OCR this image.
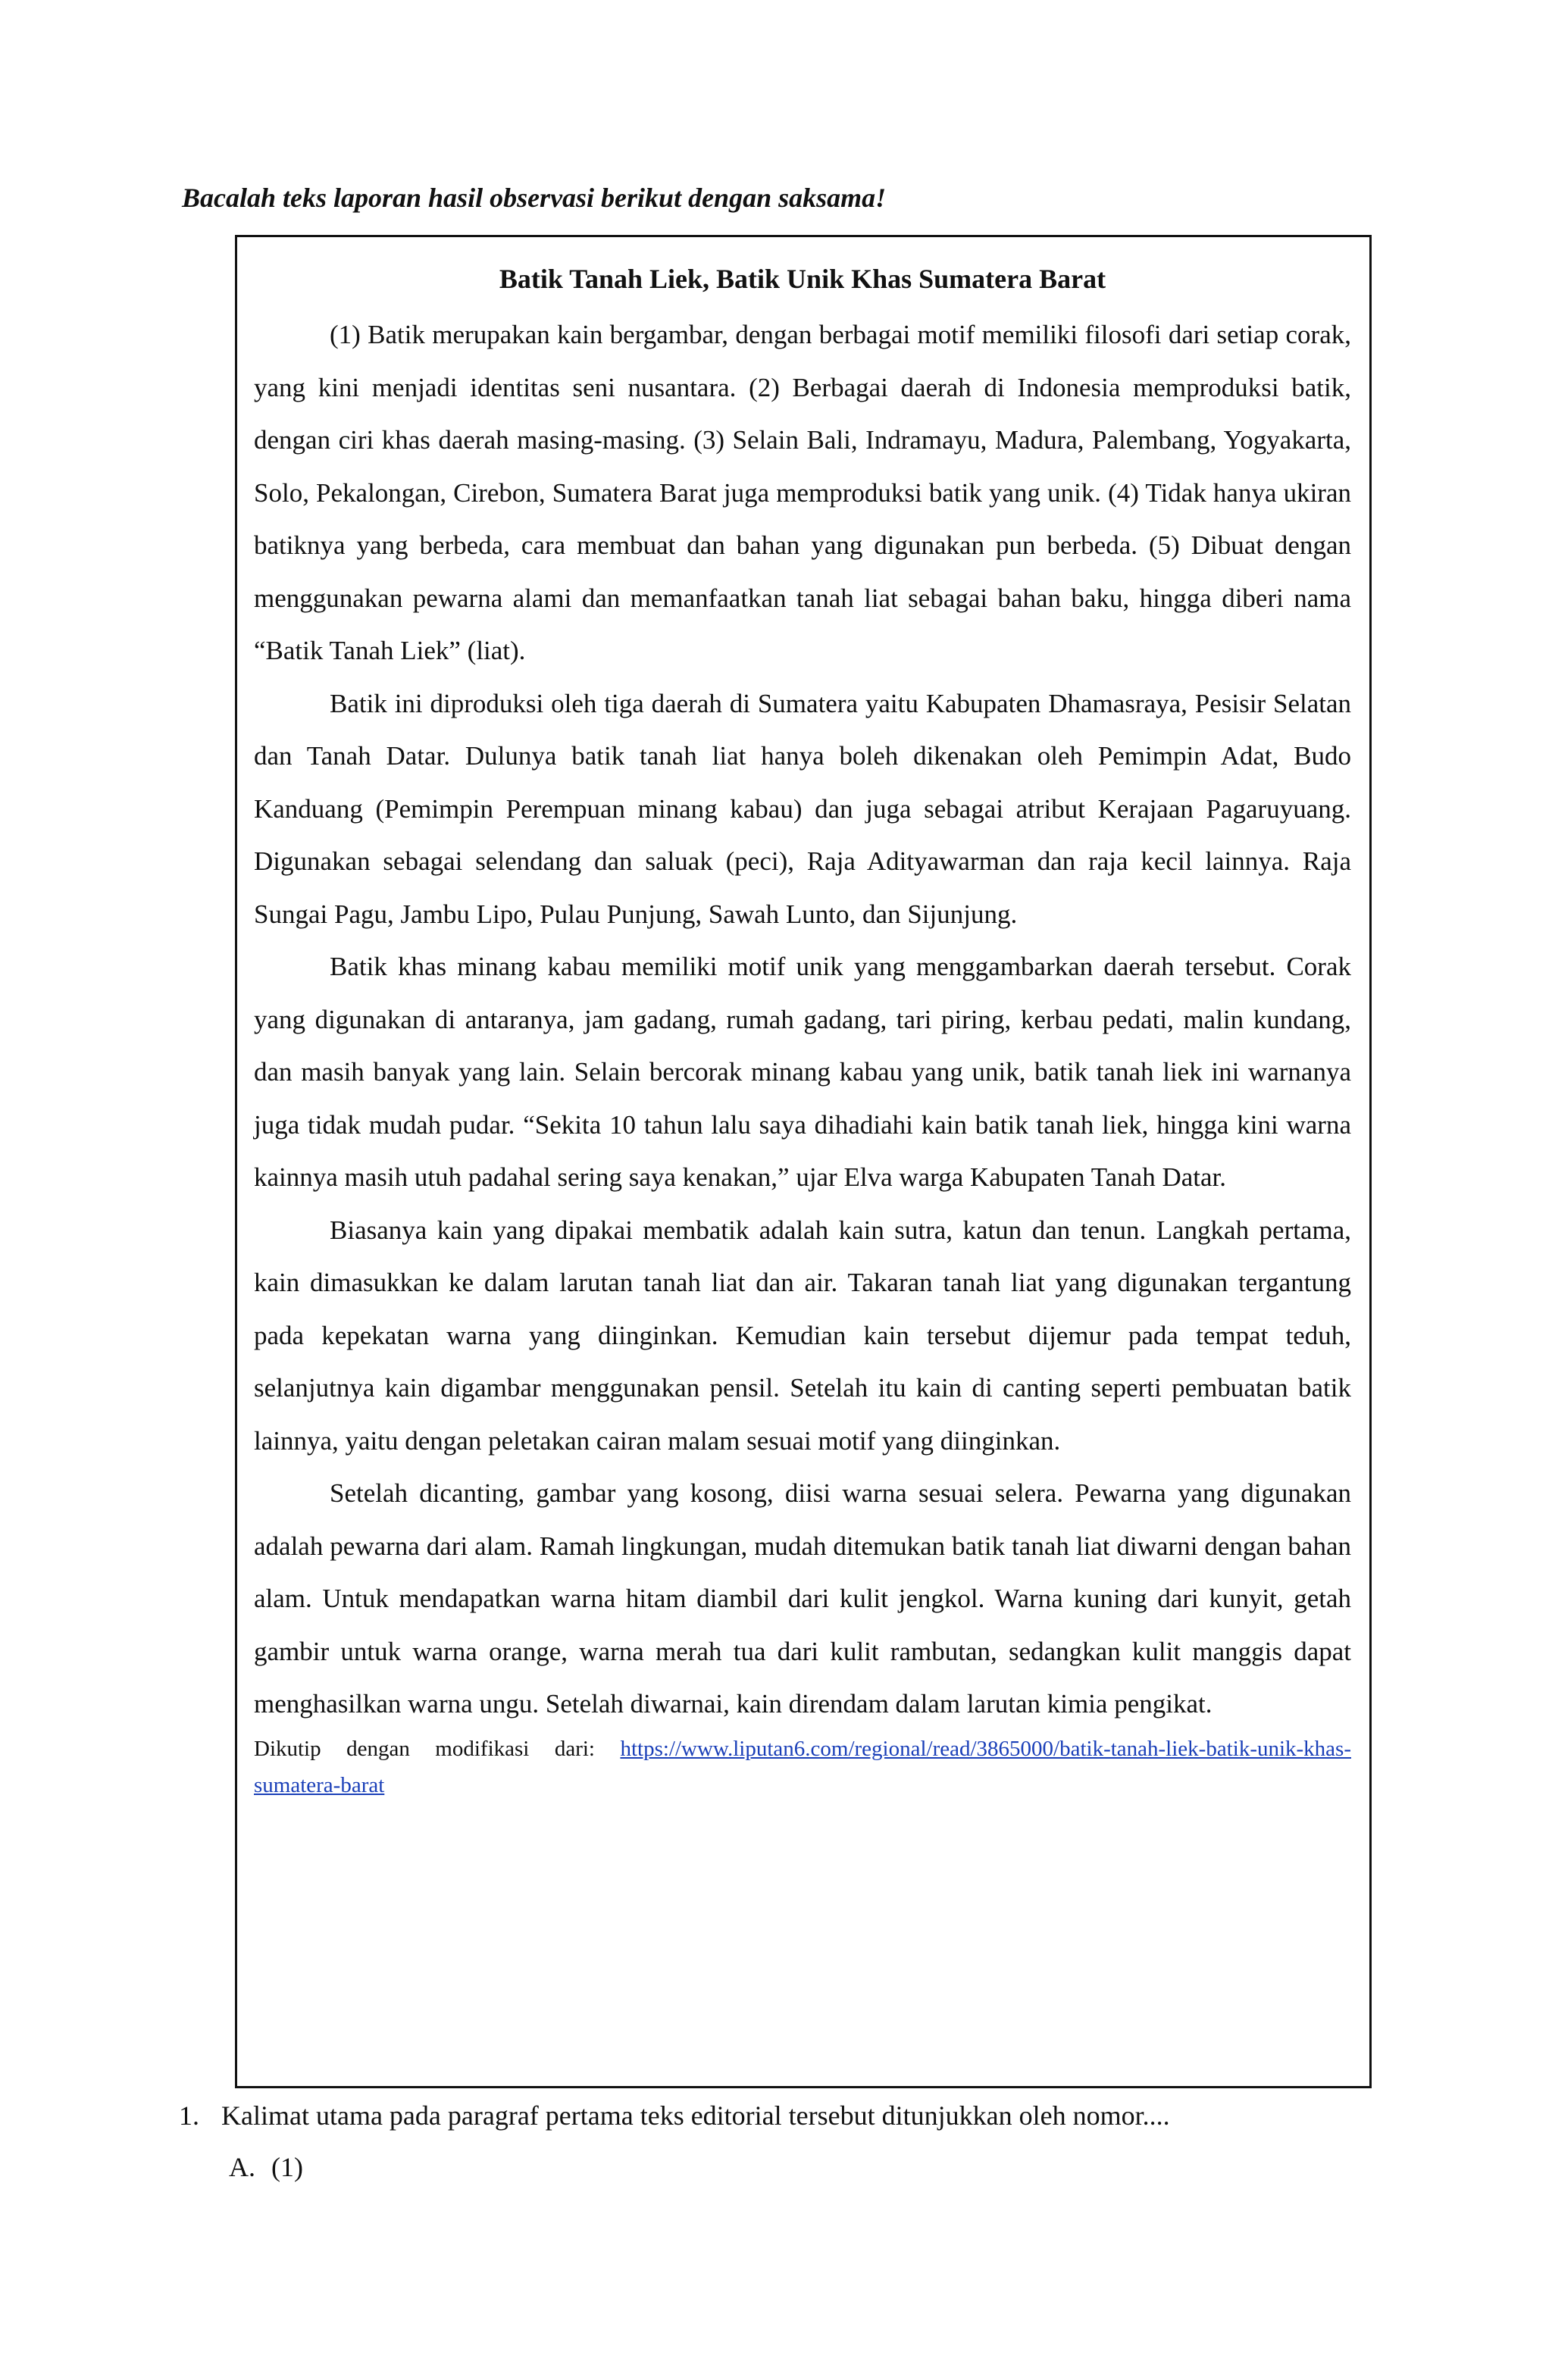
Bacalah teks laporan hasil observasi berikut dengan saksama!
Batik Tanah Liek, Batik Unik Khas Sumatera Barat

(1) Batik merupakan kain bergambar, dengan berbagai motif memiliki filosofi dari setiap corak, yang kini menjadi identitas seni nusantara. (2) Berbagai daerah di Indonesia memproduksi batik, dengan ciri khas daerah masing-masing. (3) Selain Bali, Indramayu, Madura, Palembang, Yogyakarta, Solo, Pekalongan, Cirebon, Sumatera Barat juga memproduksi batik yang unik. (4) Tidak hanya ukiran batiknya yang berbeda, cara membuat dan bahan yang digunakan pun berbeda. (5) Dibuat dengan menggunakan pewarna alami dan memanfaatkan tanah liat sebagai bahan baku, hingga diberi nama “Batik Tanah Liek” (liat).

Batik ini diproduksi oleh tiga daerah di Sumatera yaitu Kabupaten Dhamasraya, Pesisir Selatan dan Tanah Datar. Dulunya batik tanah liat hanya boleh dikenakan oleh Pemimpin Adat, Budo Kanduang (Pemimpin Perempuan minang kabau) dan juga sebagai atribut Kerajaan Pagaruyuang. Digunakan sebagai selendang dan saluak (peci), Raja Adityawarman dan raja kecil lainnya. Raja Sungai Pagu, Jambu Lipo, Pulau Punjung, Sawah Lunto, dan Sijunjung.

Batik khas minang kabau memiliki motif unik yang menggambarkan daerah tersebut. Corak yang digunakan di antaranya, jam gadang, rumah gadang, tari piring, kerbau pedati, malin kundang, dan masih banyak yang lain. Selain bercorak minang kabau yang unik, batik tanah liek ini warnanya juga tidak mudah pudar. “Sekita 10 tahun lalu saya dihadiahi kain batik tanah liek, hingga kini warna kainnya masih utuh padahal sering saya kenakan,” ujar Elva warga Kabupaten Tanah Datar.

Biasanya kain yang dipakai membatik adalah kain sutra, katun dan tenun. Langkah pertama, kain dimasukkan ke dalam larutan tanah liat dan air. Takaran tanah liat yang digunakan tergantung pada kepekatan warna yang diinginkan. Kemudian kain tersebut dijemur pada tempat teduh, selanjutnya kain digambar menggunakan pensil. Setelah itu kain di canting seperti pembuatan batik lainnya, yaitu dengan peletakan cairan malam sesuai motif yang diinginkan.

Setelah dicanting, gambar yang kosong, diisi warna sesuai selera. Pewarna yang digunakan adalah pewarna dari alam. Ramah lingkungan, mudah ditemukan batik tanah liat diwarni dengan bahan alam. Untuk mendapatkan warna hitam diambil dari kulit jengkol. Warna kuning dari kunyit, getah gambir untuk warna orange, warna merah tua dari kulit rambutan, sedangkan kulit manggis dapat menghasilkan warna ungu. Setelah diwarnai, kain direndam dalam larutan kimia pengikat.

Dikutip dengan modifikasi dari: https://www.liputan6.com/regional/read/3865000/batik-tanah-liek-batik-unik-khas-sumatera-barat

1. Kalimat utama pada paragraf pertama teks editorial tersebut ditunjukkan oleh nomor....
A. (1)
